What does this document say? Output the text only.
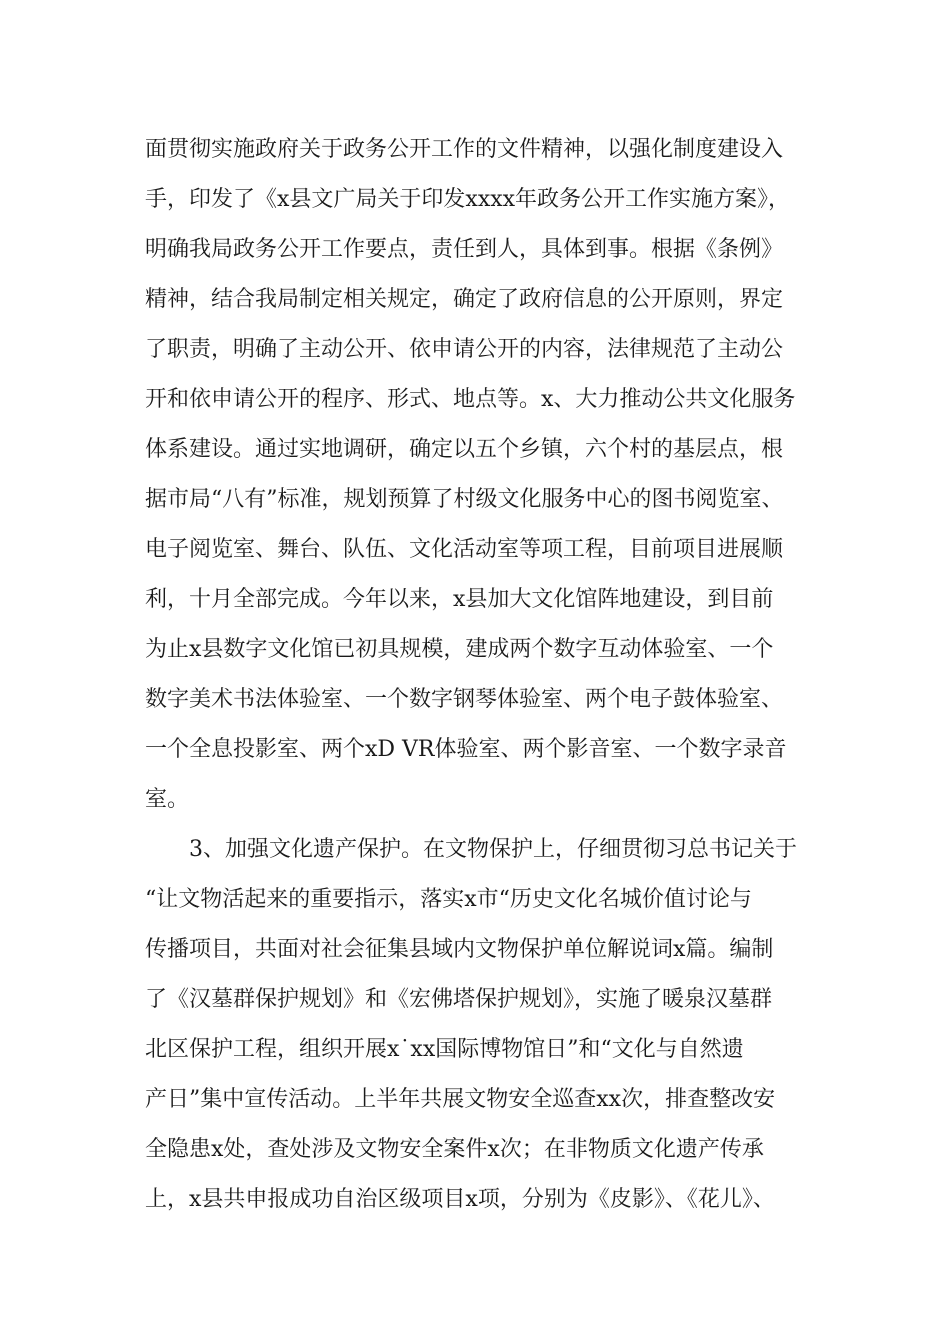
面贯彻实施政府关于政务公开工作的文件精神，以强化制度建设入
手，印发了《x县文广局关于印发xxxx年政务公开工作实施方案》，
明确我局政务公开工作要点，责任到人，具体到事。根据《条例》
精神，结合我局制定相关规定，确定了政府信息的公开原则，界定
了职责，明确了主动公开、依申请公开的内容，法律规范了主动公
开和依申请公开的程序、形式、地点等。x、大力推动公共文化服务
体系建设。通过实地调研，确定以五个乡镇，六个村的基层点，根
据市局“八有”标准，规划预算了村级文化服务中心的图书阅览室、
电子阅览室、舞台、队伍、文化活动室等项工程，目前项目进展顺
利，十月全部完成。今年以来，x县加大文化馆阵地建设，到目前
为止x县数字文化馆已初具规模，建成两个数字互动体验室、一个
数字美术书法体验室、一个数字钢琴体验室、两个电子鼓体验室、
一个全息投影室、两个xD VR体验室、两个影音室、一个数字录音
室。
3、加强文化遗产保护。在文物保护上，仔细贯彻习总书记关于
“让文物活起来的重要指示，落实x市“历史文化名城价值讨论与
传播项目，共面对社会征集县域内文物保护单位解说词x篇。编制
了《汉墓群保护规划》和《宏佛塔保护规划》，实施了暖泉汉墓群
北区保护工程，组织开展x˙xx国际博物馆日”和“文化与自然遗
产日”集中宣传活动。上半年共展文物安全巡查xx次，排查整改安
全隐患x处，查处涉及文物安全案件x次；在非物质文化遗产传承
上，x县共申报成功自治区级项目x项，分别为《皮影》、《花儿》、
